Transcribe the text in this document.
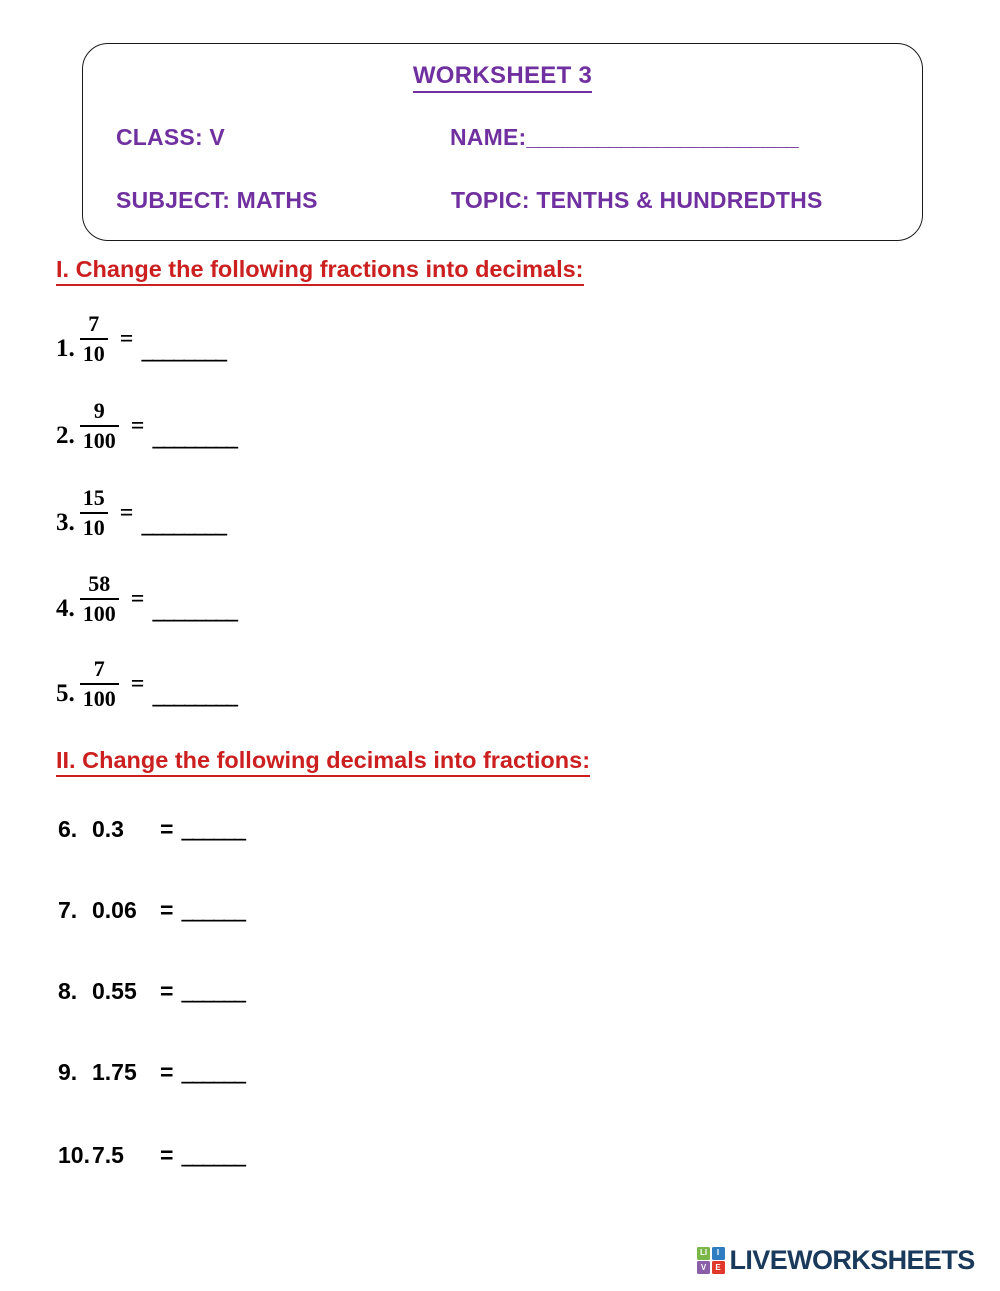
WORKSHEET 3
CLASS: V	NAME:_______________________
SUBJECT: MATHS	TOPIC: TENTHS & HUNDREDTHS
I. Change the following fractions into decimals:
1. $\frac{7}{10}$ = ________
2. $\frac{9}{100}$ = ________
3. $\frac{15}{10}$ = ________
4. $\frac{58}{100}$ = ________
5. $\frac{7}{100}$ = ________
II. Change the following decimals into fractions:
6. 0.3	= ______
7. 0.06	= ______
8. 0.55	= ______
9. 1.75	= ______
10. 7.5	= ______
LI	I
V	E LIVEWORKSHEETS
